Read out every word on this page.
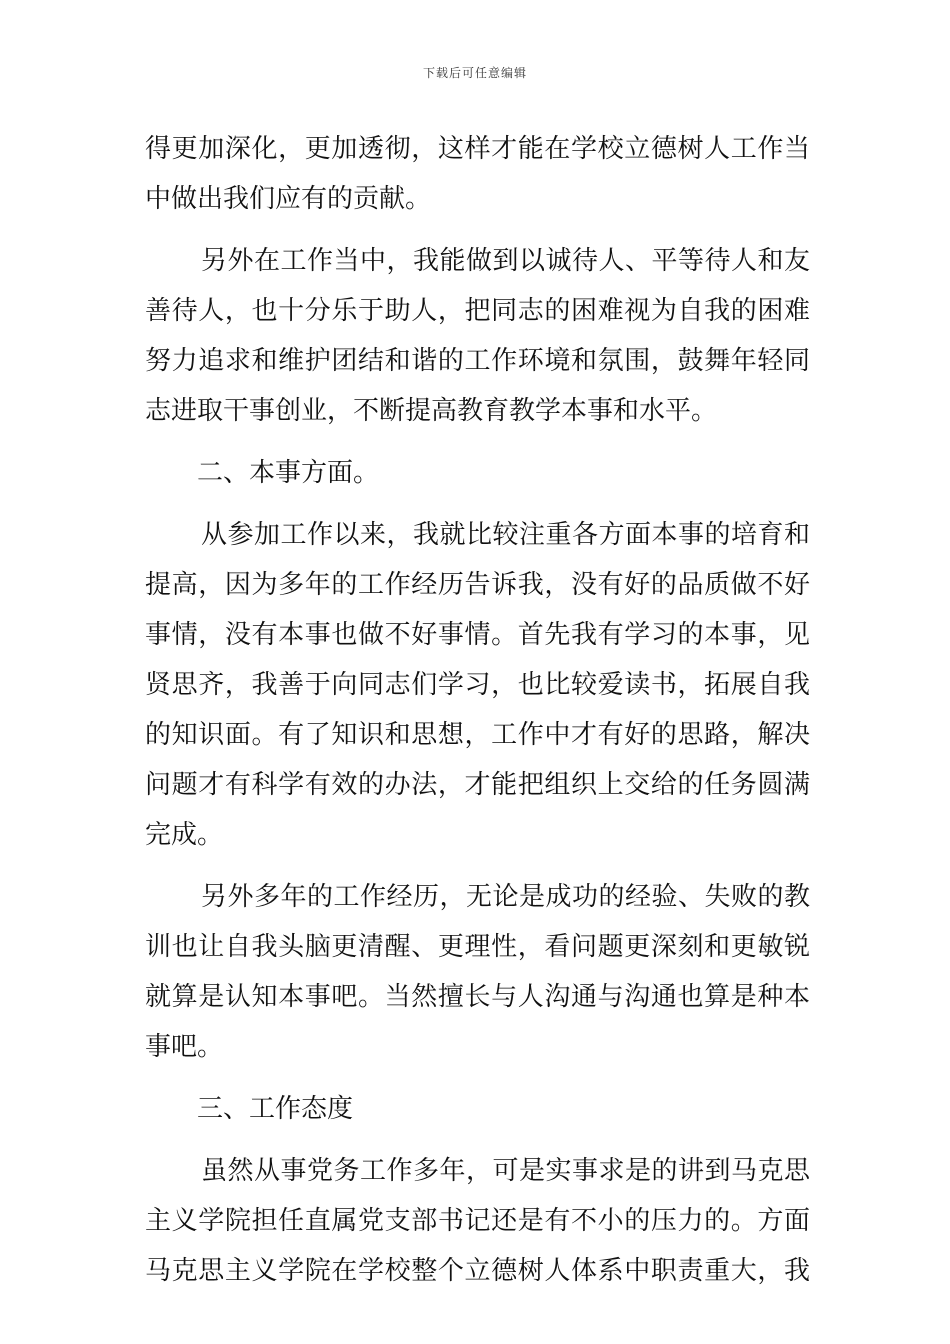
下载后可任意编辑
得更加深化，更加透彻，这样才能在学校立德树人工作当
中做出我们应有的贡献。
另外在工作当中，我能做到以诚待人、平等待人和友
善待人，也十分乐于助人，把同志的困难视为自我的困难
努力追求和维护团结和谐的工作环境和氛围，鼓舞年轻同
志进取干事创业，不断提高教育教学本事和水平。
二、本事方面。
从参加工作以来，我就比较注重各方面本事的培育和
提高，因为多年的工作经历告诉我，没有好的品质做不好
事情，没有本事也做不好事情。首先我有学习的本事，见
贤思齐，我善于向同志们学习，也比较爱读书，拓展自我
的知识面。有了知识和思想，工作中才有好的思路，解决
问题才有科学有效的办法，才能把组织上交给的任务圆满
完成。
另外多年的工作经历，无论是成功的经验、失败的教
训也让自我头脑更清醒、更理性，看问题更深刻和更敏锐
就算是认知本事吧。当然擅长与人沟通与沟通也算是种本
事吧。
三、工作态度
虽然从事党务工作多年，可是实事求是的讲到马克思
主义学院担任直属党支部书记还是有不小的压力的。方面
马克思主义学院在学校整个立德树人体系中职责重大，我
